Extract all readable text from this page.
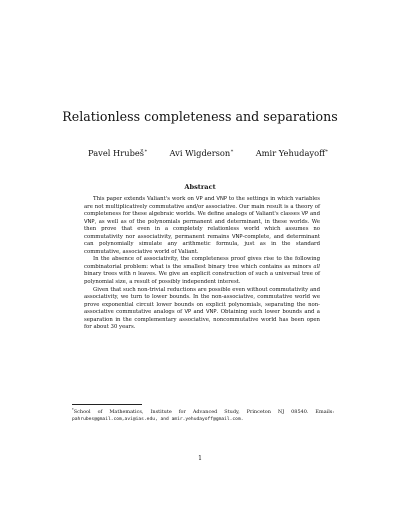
Relationless completeness and separations
Pavel Hrubeš*	Avi Wigderson*	Amir Yehudayoff*
Abstract

This paper extends Valiant's work on VP and VNP to the settings in which variables are not multiplicatively commutative and/or associative. Our main result is a theory of completeness for these algebraic worlds. We define analogs of Valiant's classes VP and VNP, as well as of the polynomials permanent and determinant, in these worlds. We then prove that even in a completely relationless world which assumes no commutativity nor associativity, permanent remains VNP-complete, and determinant can polynomially simulate any arithmetic formula, just as in the standard commutative, associative world of Valiant.

In the absence of associativity, the completeness proof gives rise to the following combinatorial problem: what is the smallest binary tree which contains as minors all binary trees with n leaves. We give an explicit construction of such a universal tree of polynomial size, a result of possibly independent interest.

Given that such non-trivial reductions are possible even without commutativity and associativity, we turn to lower bounds. In the non-associative, commutative world we prove exponential circuit lower bounds on explicit polynomials, separating the non-associative commutative analogs of VP and VNP. Obtaining such lower bounds and a separation in the complementary associative, noncommutative world has been open for about 30 years.

*School of Mathematics, Institute for Advanced Study, Princeton NJ 08540. Emails: pahrubes@gmail.com,avi@ias.edu, and amir.yehudayoff@gmail.com.
1
